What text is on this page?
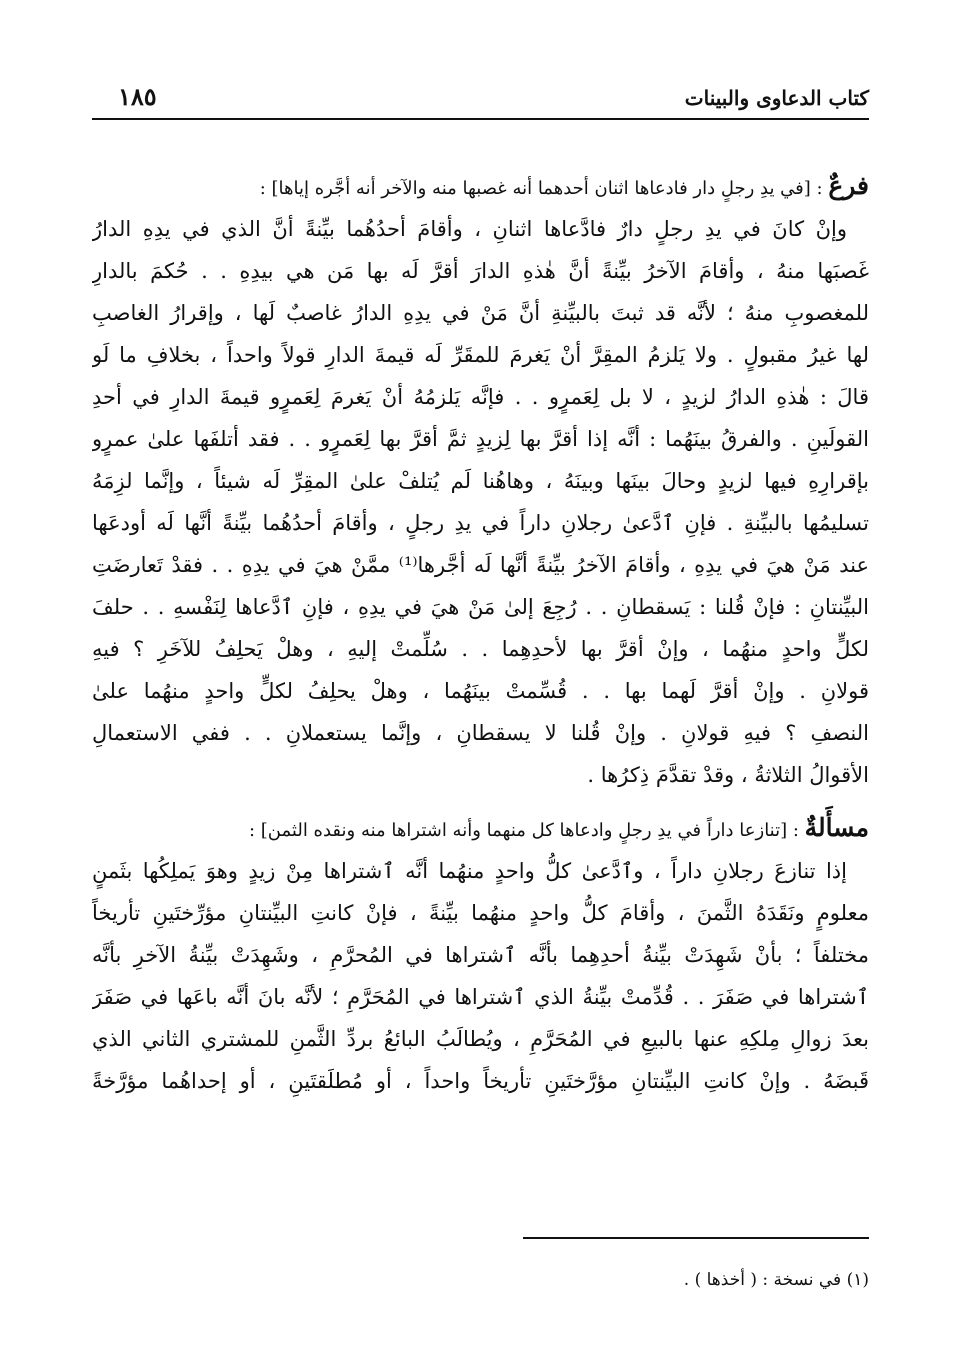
كتاب الدعاوى والبينات
١٨٥
فرعٌ : [في يدِ رجلٍ دار فادعاها اثنان أحدهما أنه غصبها منه والآخر أنه أجَّره إياها] :
وإنْ كانَ في يدِ رجلٍ دارٌ فادَّعاها اثنانِ ، وأقامَ أحدُهُما بيِّنةً أنَّ الذي في يدِهِ الدارُ
غَصبَها منهُ ، وأقامَ الآخرُ بيِّنةً أنَّ هٰذهِ الدارَ أقرَّ لَه بها مَن هي بيدِهِ . . حُكمَ بالدارِ
للمغصوبِ منهُ ؛ لأنَّه قد ثبتَ بالبيِّنةِ أنَّ مَنْ في يدِهِ الدارُ غاصبٌ لَها ، وإقرارُ الغاصبِ
لها غيرُ مقبولٍ . ولا يَلزمُ المقِرَّ أنْ يَغرمَ للمقَرِّ لَه قيمةَ الدارِ قولاً واحداً ، بخلافِ ما لَو
قالَ : هٰذهِ الدارُ لزيدٍ ، لا بل لِعَمرٍو . . فإنَّه يَلزمُهُ أنْ يَغرمَ لِعَمرٍو قيمةَ الدارِ في أحدِ
القولَينِ . والفرقُ بينَهُما : أنَّه إذا أقرَّ بها لِزيدٍ ثمَّ أقرَّ بها لِعَمرٍو . . فقد أتلفَها علىٰ عمرٍو
بإقرارِهِ فيها لزيدٍ وحالَ بينَها وبينَهُ ، وهاهُنا لَم يُتلفْ علىٰ المقِرِّ لَه شيئاً ، وإنَّما لزِمَهُ
تسليمُها بالبيِّنةِ . فإنِ ٱدَّعىٰ رجلانِ داراً في يدِ رجلٍ ، وأقامَ أحدُهُما بيِّنةً أنَّها لَه أودعَها
عند مَنْ هيَ في يدِهِ ، وأقامَ الآخرُ بيِّنةً أنَّها لَه أجَّرها⁽¹⁾ ممَّنْ هيَ في يدِهِ . . فقدْ تَعارضَتِ
البيِّنتانِ : فإنْ قُلنا : يَسقطانِ . . رُجِعَ إلىٰ مَنْ هيَ في يدِهِ ، فإنِ ٱدَّعاها لِنَفْسهِ . . حلفَ
لكلٍّ واحدٍ منهُما ، وإنْ أقرَّ بها لأحدِهِما . . سُلِّمتْ إليهِ ، وهلْ يَحلِفُ للآخَرِ ؟ فيهِ
قولانِ . وإنْ أقرَّ لَهما بها . . قُسِّمتْ بينَهُما ، وهلْ يحلِفُ لكلٍّ واحدٍ منهُما علىٰ
النصفِ ؟ فيهِ قولانِ . وإنْ قُلنا لا يسقطانِ ، وإنَّما يستعملانِ . . ففي الاستعمالِ
الأقوالُ الثلاثةُ ، وقدْ تقدَّمَ ذِكرُها .
مسأَلةٌ : [تنازعا داراً في يدِ رجلٍ وادعاها كل منهما وأنه اشتراها منه ونقده الثمن] :
إذا تنازعَ رجلانِ داراً ، وٱدَّعىٰ كلُّ واحدٍ منهُما أنَّه ٱشتراها مِنْ زيدٍ وهوَ يَملِكُها بثَمنٍ
معلومٍ ونَقَدَهُ الثَّمنَ ، وأقامَ كلُّ واحدٍ منهُما بيِّنةً ، فإنْ كانتِ البيِّنتانِ مؤرِّختَينِ تأريخاً
مختلفاً ؛ بأنْ شَهِدَتْ بيِّنةُ أحدِهِما بأنَّه ٱشتراها في المُحرَّمِ ، وشَهِدَتْ بيِّنةُ الآخرِ بأنَّه
ٱشتراها في صَفَرَ . . قُدِّمتْ بيِّنةُ الذي ٱشتراها في المُحَرَّمِ ؛ لأنَّه بانَ أنَّه باعَها في صَفَرَ
بعدَ زوالِ مِلكِهِ عنها بالبيعِ في المُحَرَّمِ ، ويُطالَبُ البائعُ بردِّ الثَّمنِ للمشتري الثاني الذي
قَبضَهُ . وإنْ كانتِ البيِّنتانِ مؤرَّختَينِ تأريخاً واحداً ، أو مُطلَقتَينِ ، أو إحداهُما مؤرَّخةً
(١) في نسخة : ( أخذها ) .
